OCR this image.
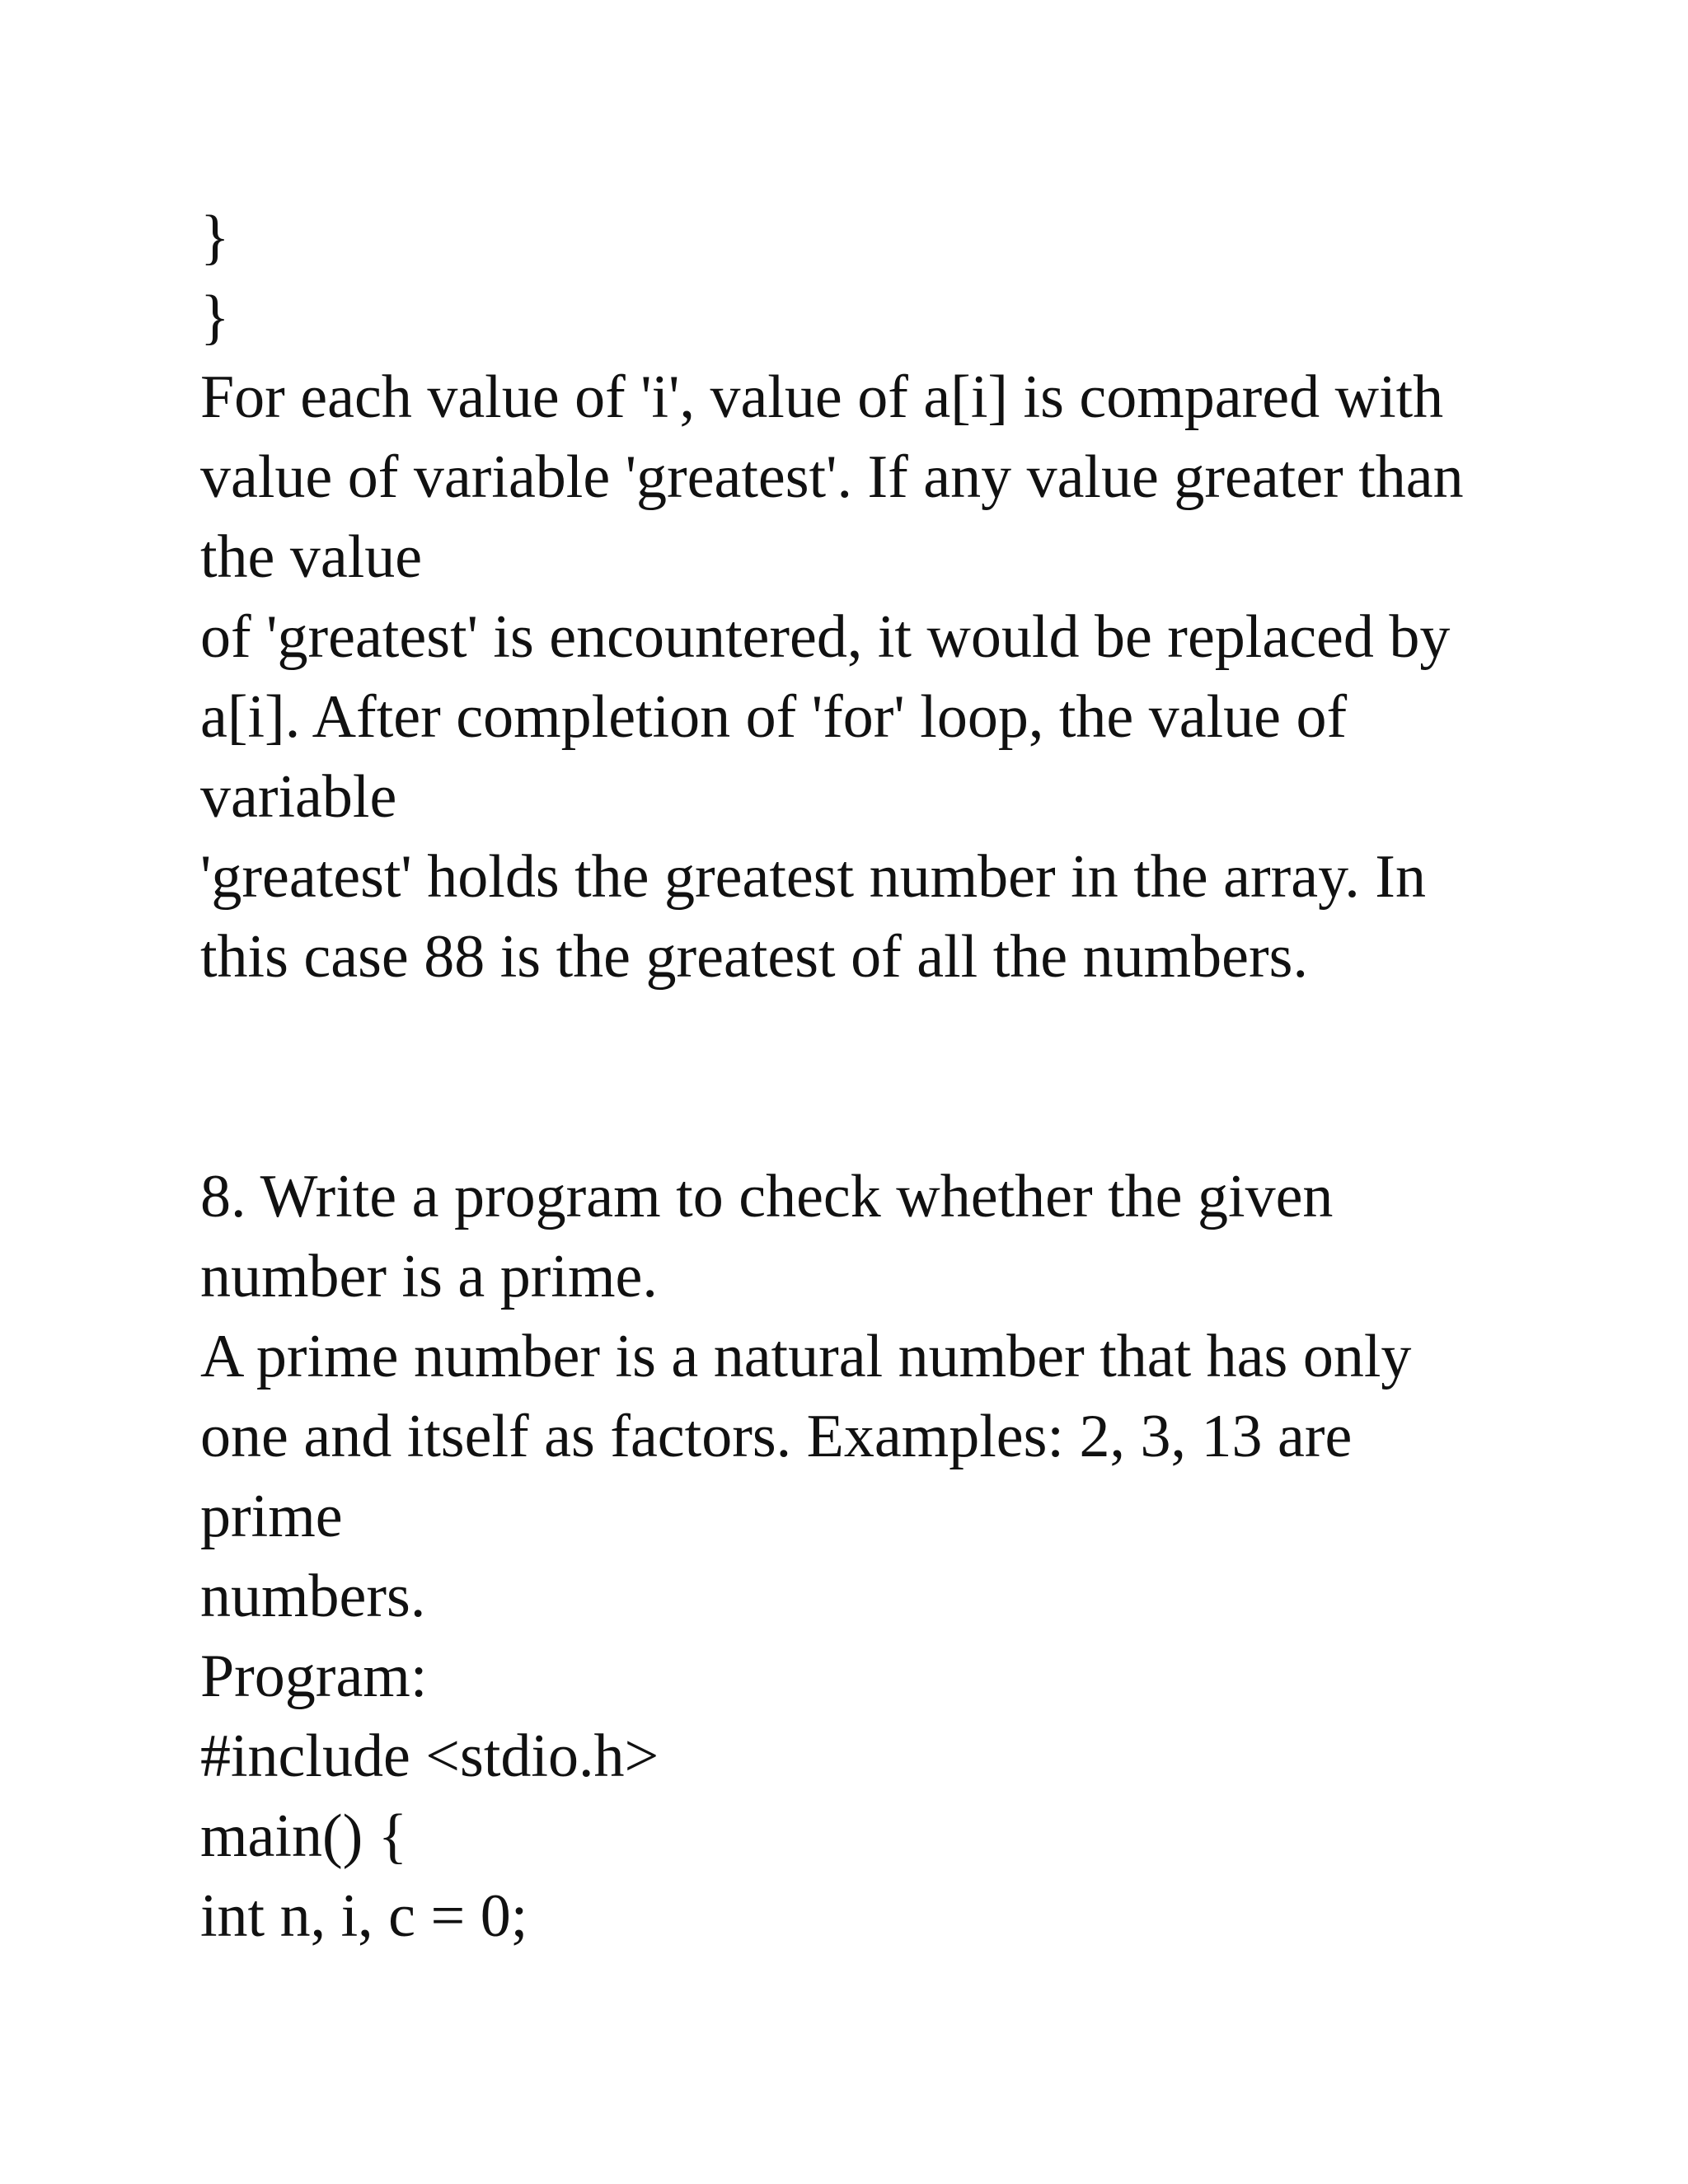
}
}
For each value of 'i', value of a[i] is compared with
value of variable 'greatest'. If any value greater than
the value
of 'greatest' is encountered, it would be replaced by
a[i]. After completion of 'for' loop, the value of
variable
'greatest' holds the greatest number in the array. In
this case 88 is the greatest of all the numbers.
8. Write a program to check whether the given
number is a prime.
A prime number is a natural number that has only
one and itself as factors. Examples: 2, 3, 13 are
prime
numbers.
Program:
#include <stdio.h>
main() {
int n, i, c = 0;
